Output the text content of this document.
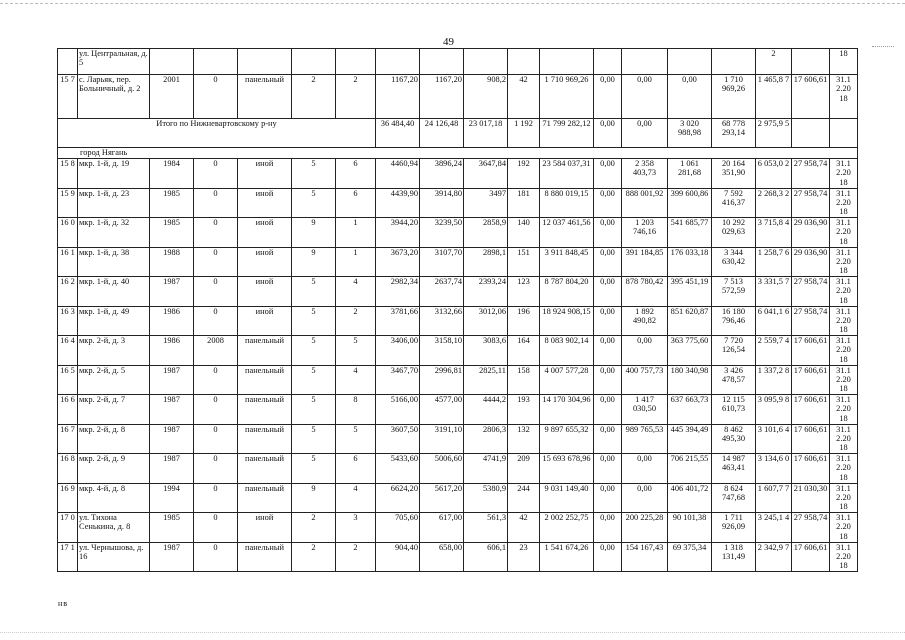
49
	ул. Центральная, д. 5															2		18
15 7	с. Ларьяк, пер. Больничный, д. 2	2001	0	панельный	2	2	1167,20	1167,20	908,2	42	1 710 969,26	0,00	0,00	0,00	1 710 969,26	1 465,8 7	17 606,61	31.1 2.20 18
Итого по Нижневартовскому р-ну							36 484,40	24 126,48	23 017,18	1 192	71 799 282,12	0,00	0,00	3 020 988,98	68 778 293,14	2 975,9 5		
город Нягань																		
15 8	мкр. 1-й, д. 19	1984	0	иной	5	6	4460,94	3896,24	3647,84	192	23 584 037,31	0,00	2 358 403,73	1 061 281,68	20 164 351,90	6 053,0 2	27 958,74	31.1 2.20 18
15 9	мкр. 1-й, д. 23	1985	0	иной	5	6	4439,90	3914,80	3497	181	8 880 019,15	0,00	888 001,92	399 600,86	7 592 416,37	2 268,3 2	27 958,74	31.1 2.20 18
16 0	мкр. 1-й, д. 32	1985	0	иной	9	1	3944,20	3239,50	2858,9	140	12 037 461,56	0,00	1 203 746,16	541 685,77	10 292 029,63	3 715,8 4	29 036,90	31.1 2.20 18
16 1	мкр. 1-й, д. 38	1988	0	иной	9	1	3673,20	3107,70	2898,1	151	3 911 848,45	0,00	391 184,85	176 033,18	3 344 630,42	1 258,7 6	29 036,90	31.1 2.20 18
16 2	мкр. 1-й, д. 40	1987	0	иной	5	4	2982,34	2637,74	2393,24	123	8 787 804,20	0,00	878 780,42	395 451,19	7 513 572,59	3 331,5 7	27 958,74	31.1 2.20 18
16 3	мкр. 1-й, д. 49	1986	0	иной	5	2	3781,66	3132,66	3012,06	196	18 924 908,15	0,00	1 892 490,82	851 620,87	16 180 796,46	6 041,1 6	27 958,74	31.1 2.20 18
16 4	мкр. 2-й, д. 3	1986	2008	панельный	5	5	3406,00	3158,10	3083,6	164	8 083 902,14	0,00	0,00	363 775,60	7 720 126,54	2 559,7 4	17 606,61	31.1 2.20 18
16 5	мкр. 2-й, д. 5	1987	0	панельный	5	4	3467,70	2996,81	2825,11	158	4 007 577,28	0,00	400 757,73	180 340,98	3 426 478,57	1 337,2 8	17 606,61	31.1 2.20 18
16 6	мкр. 2-й, д. 7	1987	0	панельный	5	8	5166,00	4577,00	4444,2	193	14 170 304,96	0,00	1 417 030,50	637 663,73	12 115 610,73	3 095,9 8	17 606,61	31.1 2.20 18
16 7	мкр. 2-й, д. 8	1987	0	панельный	5	5	3607,50	3191,10	2806,3	132	9 897 655,32	0,00	989 765,53	445 394,49	8 462 495,30	3 101,6 4	17 606,61	31.1 2.20 18
16 8	мкр. 2-й, д. 9	1987	0	панельный	5	6	5433,60	5006,60	4741,9	209	15 693 678,96	0,00	0,00	706 215,55	14 987 463,41	3 134,6 0	17 606,61	31.1 2.20 18
16 9	мкр. 4-й, д. 8	1994	0	панельный	9	4	6624,20	5617,20	5380,9	244	9 031 149,40	0,00	0,00	406 401,72	8 624 747,68	1 607,7 7	21 030,30	31.1 2.20 18
17 0	ул. Тихона Сенькина, д. 8	1985	0	иной	2	3	705,60	617,00	561,3	42	2 002 252,75	0,00	200 225,28	90 101,38	1 711 926,09	3 245,1 4	27 958,74	31.1 2.20 18
17 1	ул. Чернышова, д. 16	1987	0	панельный	2	2	904,40	658,00	606,1	23	1 541 674,26	0,00	154 167,43	69 375,34	1 318 131,49	2 342,9 7	17 606,61	31.1 2.20 18
нв
